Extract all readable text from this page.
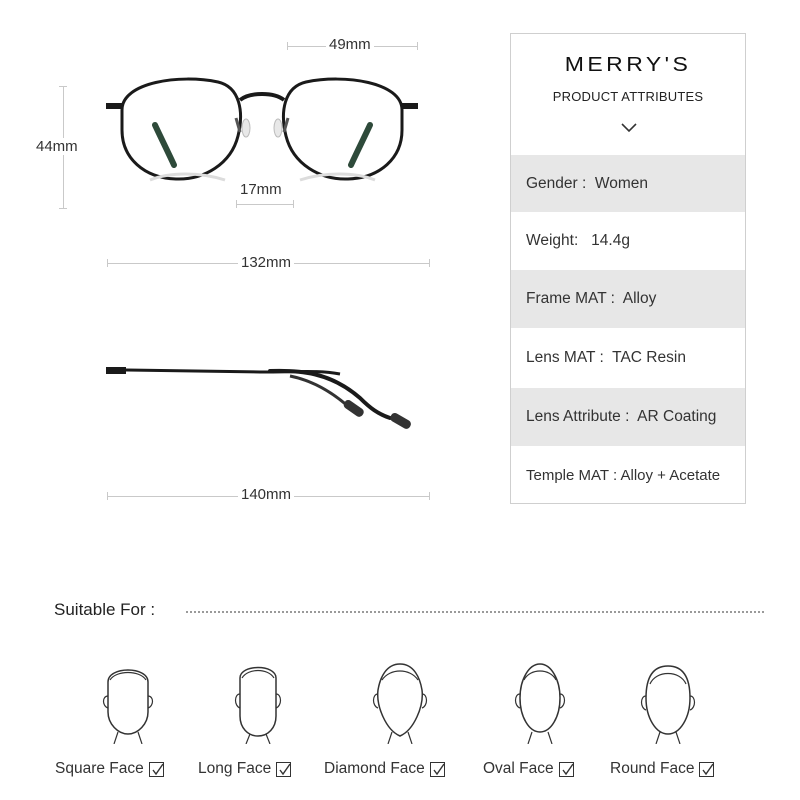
49mm
44mm
17mm
132mm
140mm
MERRY'S
PRODUCT ATTRIBUTES
Gender :  Women
Weight:   14.4g
Frame MAT :  Alloy
Lens MAT :  TAC Resin
Lens Attribute :  AR Coating
Temple MAT : Alloy + Acetate
Suitable For :
Square Face	Long Face	Diamond Face	Oval Face	Round Face
